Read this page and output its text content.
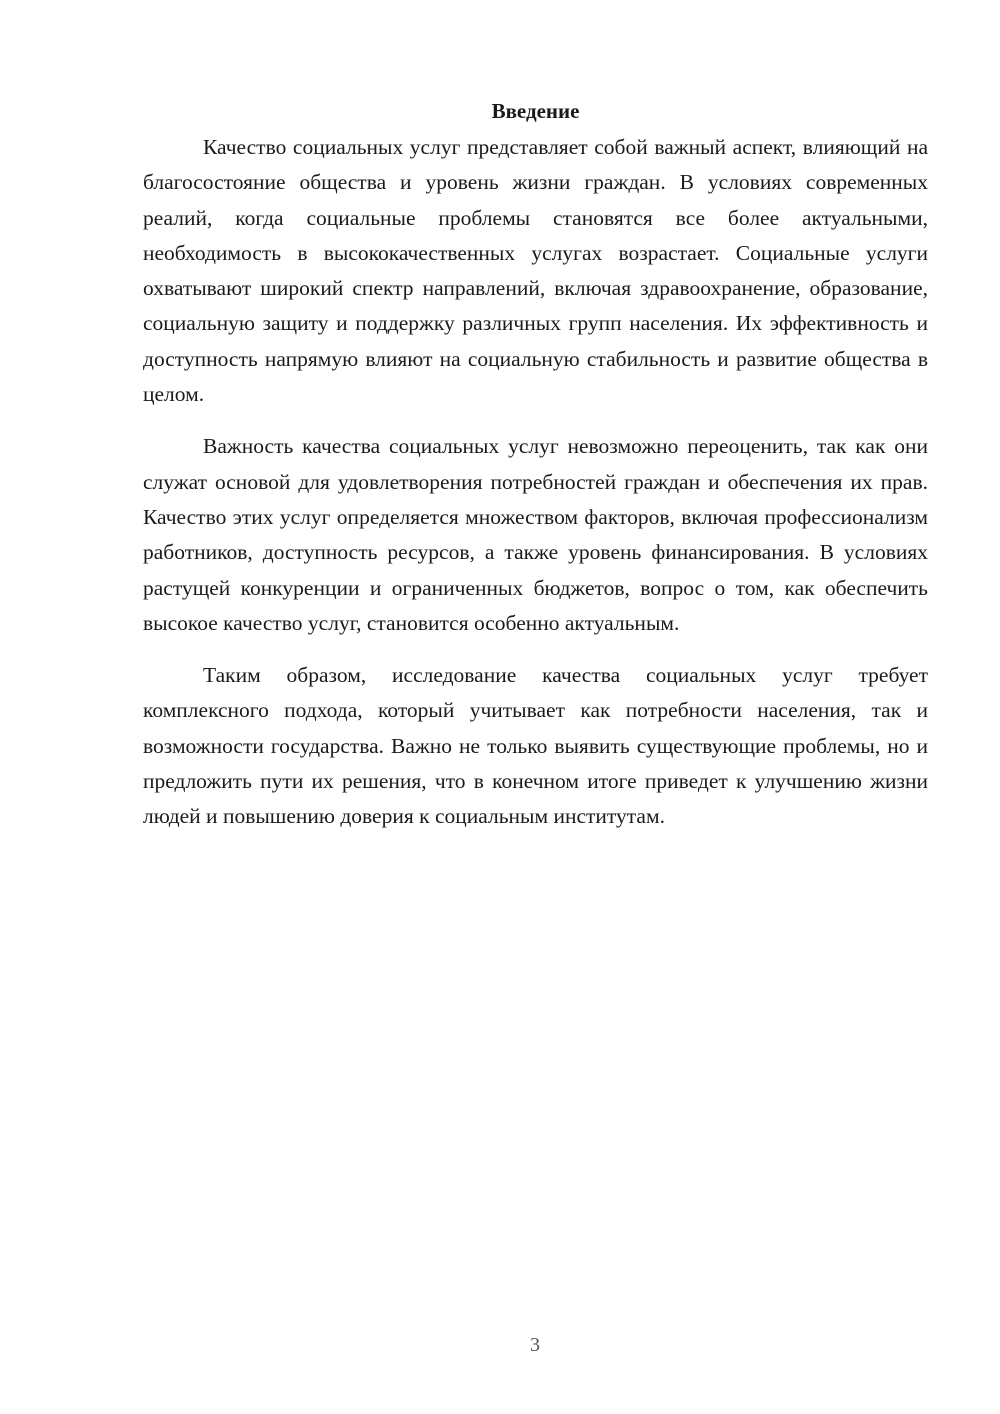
Введение

Качество социальных услуг представляет собой важный аспект, влияющий на благосостояние общества и уровень жизни граждан. В условиях современных реалий, когда социальные проблемы становятся все более актуальными, необходимость в высококачественных услугах возрастает. Социальные услуги охватывают широкий спектр направлений, включая здравоохранение, образование, социальную защиту и поддержку различных групп населения. Их эффективность и доступность напрямую влияют на социальную стабильность и развитие общества в целом.

Важность качества социальных услуг невозможно переоценить, так как они служат основой для удовлетворения потребностей граждан и обеспечения их прав. Качество этих услуг определяется множеством факторов, включая профессионализм работников, доступность ресурсов, а также уровень финансирования. В условиях растущей конкуренции и ограниченных бюджетов, вопрос о том, как обеспечить высокое качество услуг, становится особенно актуальным.

Таким образом, исследование качества социальных услуг требует комплексного подхода, который учитывает как потребности населения, так и возможности государства. Важно не только выявить существующие проблемы, но и предложить пути их решения, что в конечном итоге приведет к улучшению жизни людей и повышению доверия к социальным институтам.

3
